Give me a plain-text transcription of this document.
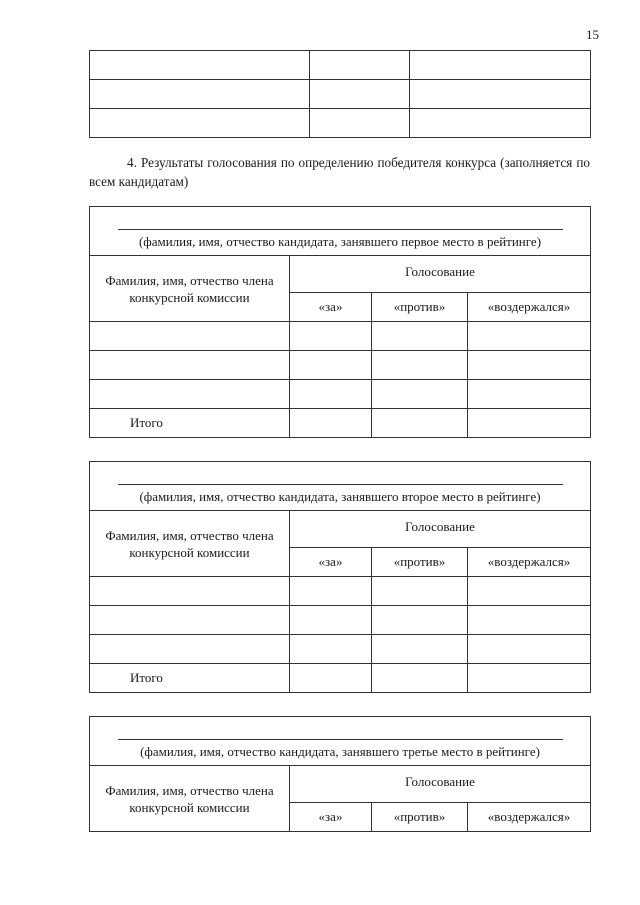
15

4. Результаты голосования по определению победителя конкурса (заполняется по всем кандидатам)
(фамилия, имя, отчество кандидата, занявшего первое место в рейтинге)			
Фамилия, имя, отчество члена конкурсной комиссии	Голосование		
	«за»	«против»	«воздержался»

Итого			
(фамилия, имя, отчество кандидата, занявшего второе место в рейтинге)			
Фамилия, имя, отчество члена конкурсной комиссии	Голосование		
	«за»	«против»	«воздержался»

Итого			
(фамилия, имя, отчество кандидата, занявшего третье место в рейтинге)			
Фамилия, имя, отчество члена конкурсной комиссии	Голосование		
	«за»	«против»	«воздержался»
